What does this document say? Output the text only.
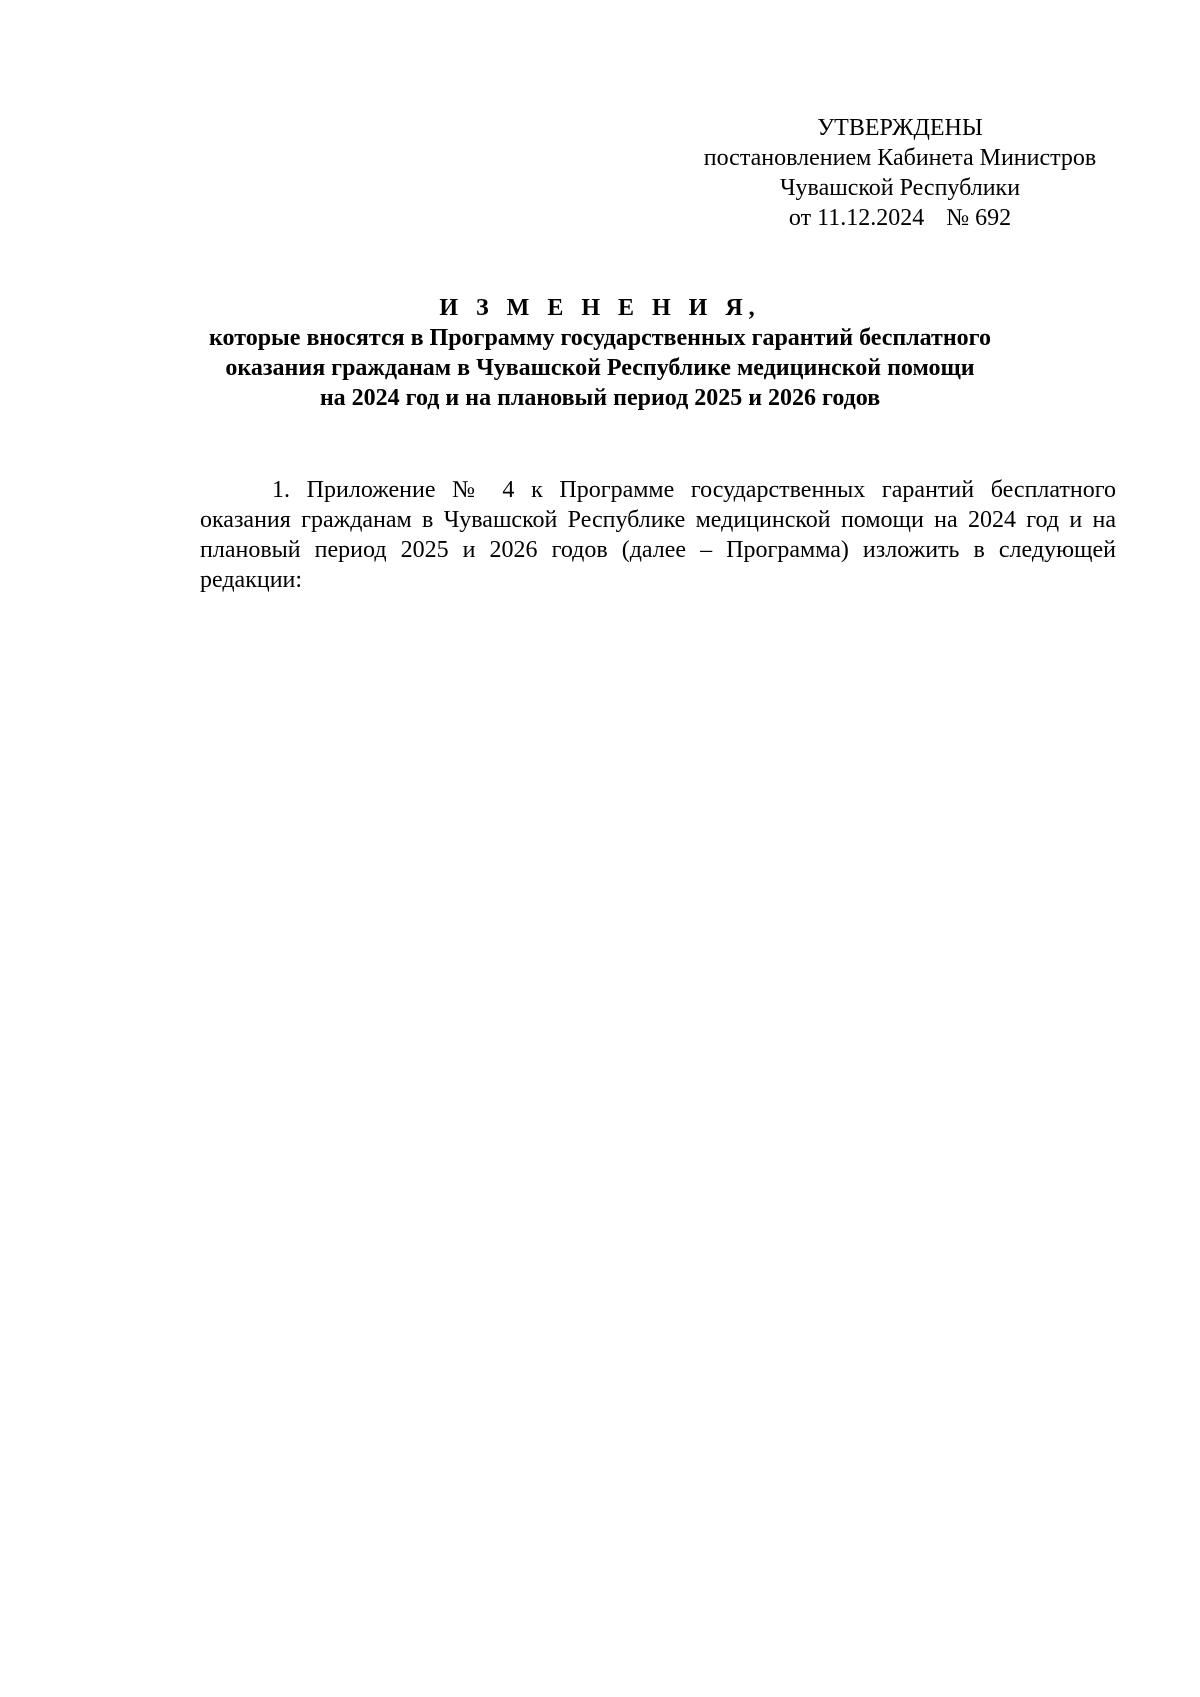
УТВЕРЖДЕНЫ
постановлением Кабинета Министров
Чувашской Республики
от 11.12.2024 № 692
И З М Е Н Е Н И Я,
которые вносятся в Программу государственных гарантий бесплатного
оказания гражданам в Чувашской Республике медицинской помощи
на 2024 год и на плановый период 2025 и 2026 годов

1. Приложение № 4 к Программе государственных гарантий бесплатного оказания гражданам в Чувашской Республике медицинской помощи на 2024 год и на плановый период 2025 и 2026 годов (далее – Программа) изложить в следующей редакции:
